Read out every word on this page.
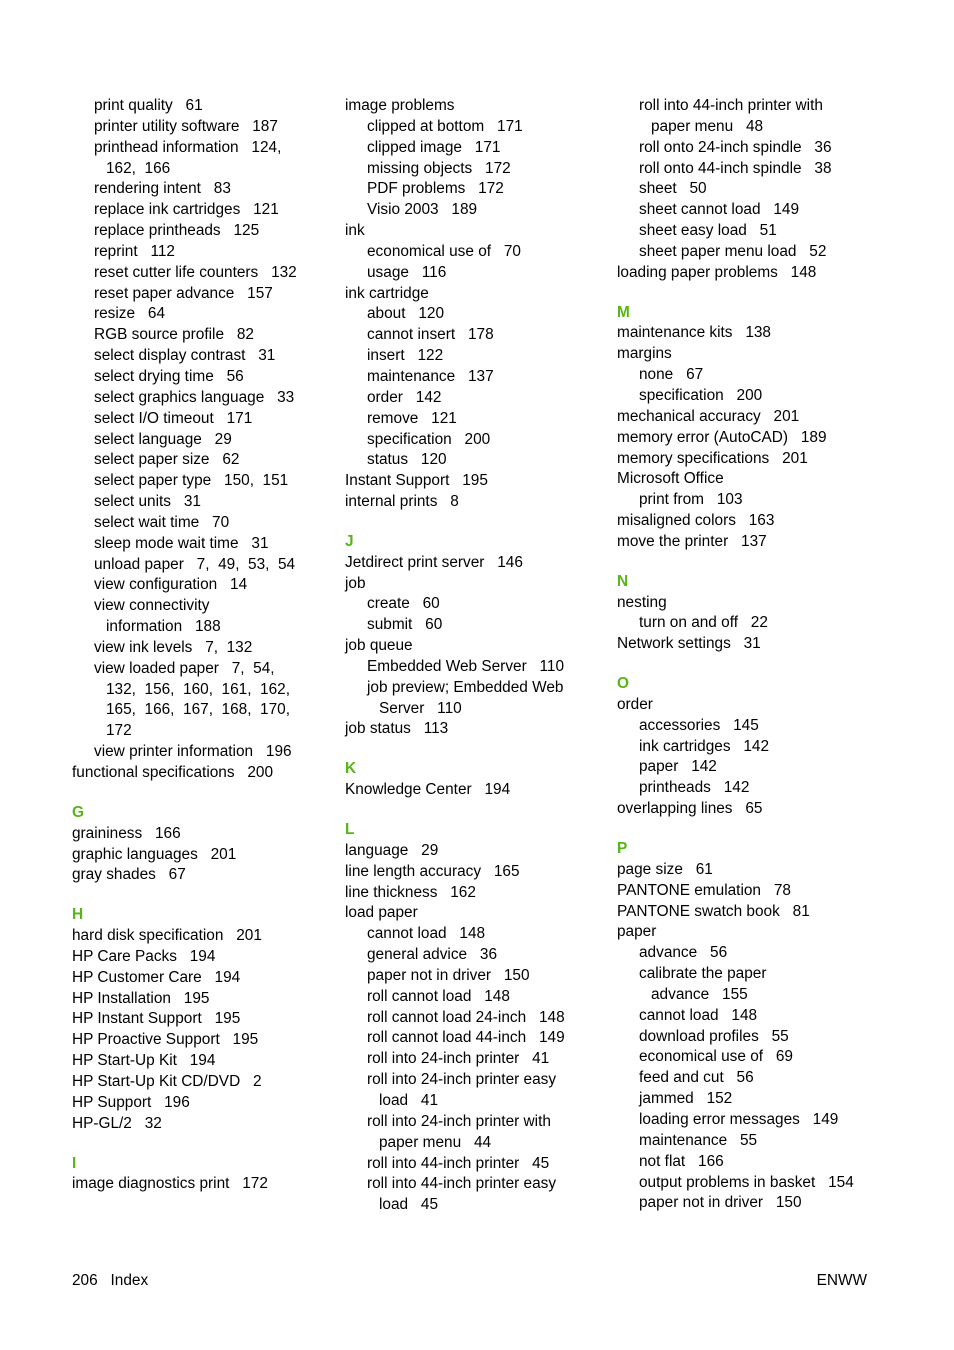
print quality   61
printer utility software   187
printhead information   124,
162,  166
rendering intent   83
replace ink cartridges   121
replace printheads   125
reprint   112
reset cutter life counters   132
reset paper advance   157
resize   64
RGB source profile   82
select display contrast   31
select drying time   56
select graphics language   33
select I/O timeout   171
select language   29
select paper size   62
select paper type   150,  151
select units   31
select wait time   70
sleep mode wait time   31
unload paper   7,  49,  53,  54
view configuration   14
view connectivity
information   188
view ink levels   7,  132
view loaded paper   7,  54,
132,  156,  160,  161,  162,
165,  166,  167,  168,  170,
172
view printer information   196
functional specifications   200
G
graininess   166
graphic languages   201
gray shades   67
H
hard disk specification   201
HP Care Packs   194
HP Customer Care   194
HP Installation   195
HP Instant Support   195
HP Proactive Support   195
HP Start-Up Kit   194
HP Start-Up Kit CD/DVD   2
HP Support   196
HP-GL/2   32
I
image diagnostics print   172
image problems
clipped at bottom   171
clipped image   171
missing objects   172
PDF problems   172
Visio 2003   189
ink
economical use of   70
usage   116
ink cartridge
about   120
cannot insert   178
insert   122
maintenance   137
order   142
remove   121
specification   200
status   120
Instant Support   195
internal prints   8
J
Jetdirect print server   146
job
create   60
submit   60
job queue
Embedded Web Server   110
job preview; Embedded Web
Server   110
job status   113
K
Knowledge Center   194
L
language   29
line length accuracy   165
line thickness   162
load paper
cannot load   148
general advice   36
paper not in driver   150
roll cannot load   148
roll cannot load 24-inch   148
roll cannot load 44-inch   149
roll into 24-inch printer   41
roll into 24-inch printer easy
load   41
roll into 24-inch printer with
paper menu   44
roll into 44-inch printer   45
roll into 44-inch printer easy
load   45
roll into 44-inch printer with
paper menu   48
roll onto 24-inch spindle   36
roll onto 44-inch spindle   38
sheet   50
sheet cannot load   149
sheet easy load   51
sheet paper menu load   52
loading paper problems   148
M
maintenance kits   138
margins
none   67
specification   200
mechanical accuracy   201
memory error (AutoCAD)   189
memory specifications   201
Microsoft Office
print from   103
misaligned colors   163
move the printer   137
N
nesting
turn on and off   22
Network settings   31
O
order
accessories   145
ink cartridges   142
paper   142
printheads   142
overlapping lines   65
P
page size   61
PANTONE emulation   78
PANTONE swatch book   81
paper
advance   56
calibrate the paper
advance   155
cannot load   148
download profiles   55
economical use of   69
feed and cut   56
jammed   152
loading error messages   149
maintenance   55
not flat   166
output problems in basket   154
paper not in driver   150
206   Index	ENWW
